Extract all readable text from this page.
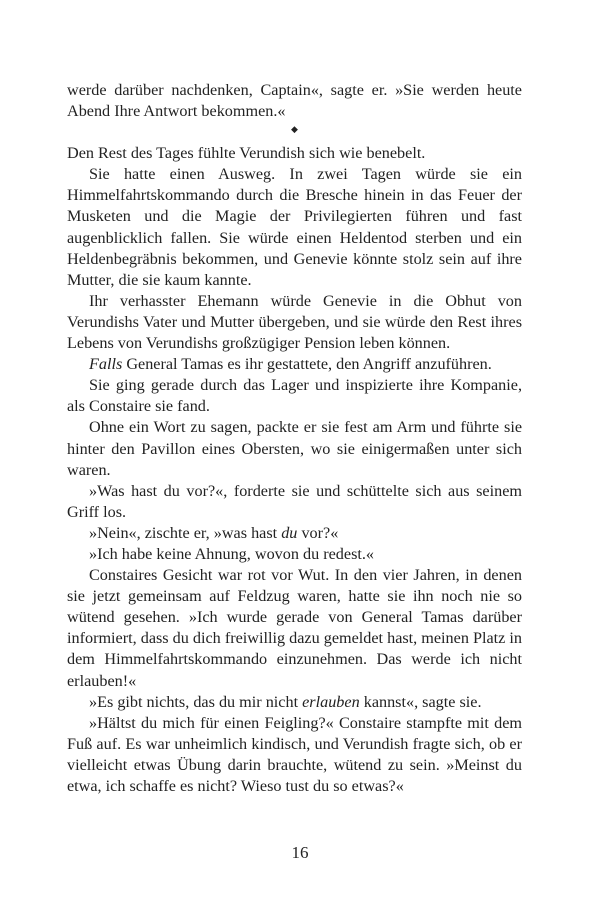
werde darüber nachdenken, Captain«, sagte er. »Sie werden heute Abend Ihre Antwort bekommen.«

◆

Den Rest des Tages fühlte Verundish sich wie benebelt.

Sie hatte einen Ausweg. In zwei Tagen würde sie ein Himmelfahrtskommando durch die Bresche hinein in das Feuer der Musketen und die Magie der Privilegierten führen und fast augenblicklich fallen. Sie würde einen Heldentod sterben und ein Heldenbegräbnis bekommen, und Genevie könnte stolz sein auf ihre Mutter, die sie kaum kannte.

Ihr verhasster Ehemann würde Genevie in die Obhut von Verundishs Vater und Mutter übergeben, und sie würde den Rest ihres Lebens von Verundishs großzügiger Pension leben können.

Falls General Tamas es ihr gestattete, den Angriff anzuführen.

Sie ging gerade durch das Lager und inspizierte ihre Kompanie, als Constaire sie fand.

Ohne ein Wort zu sagen, packte er sie fest am Arm und führte sie hinter den Pavillon eines Obersten, wo sie einigermaßen unter sich waren.

»Was hast du vor?«, forderte sie und schüttelte sich aus seinem Griff los.

»Nein«, zischte er, »was hast du vor?«

»Ich habe keine Ahnung, wovon du redest.«

Constaires Gesicht war rot vor Wut. In den vier Jahren, in denen sie jetzt gemeinsam auf Feldzug waren, hatte sie ihn noch nie so wütend gesehen. »Ich wurde gerade von General Tamas darüber informiert, dass du dich freiwillig dazu gemeldet hast, meinen Platz in dem Himmelfahrtskommando einzunehmen. Das werde ich nicht erlauben!«

»Es gibt nichts, das du mir nicht erlauben kannst«, sagte sie.

»Hältst du mich für einen Feigling?« Constaire stampfte mit dem Fuß auf. Es war unheimlich kindisch, und Verundish fragte sich, ob er vielleicht etwas Übung darin brauchte, wütend zu sein. »Meinst du etwa, ich schaffe es nicht? Wieso tust du so etwas?«

16
